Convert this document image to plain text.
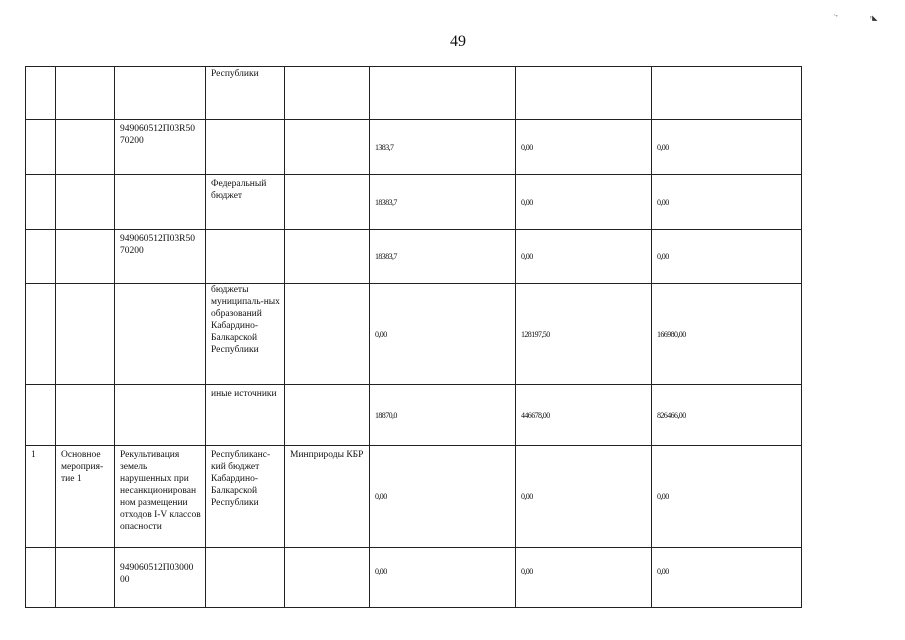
49
‵ʼ	ʸ◣
			Республики				
		949060512П03R50 70200			1383,7	0,00	0,00
			Федеральный бюджет		18383,7	0,00	0,00
		949060512П03R50 70200			18383,7	0,00	0,00
			бюджеты муниципаль-ных образований Кабардино-Балкарской Республики		0,00	128197,50	166980,00
			иные источники		18870,0	446678,00	826466,00
1	Основное мероприя-тие 1	Рекультивация земель нарушенных при несанкционирован ном размещении отходов I-V классов опасности	Республиканс-кий бюджет Кабардино-Балкарской Республики	Минприроды КБР	0,00	0,00	0,00
		949060512П03000 00			0,00	0,00	0,00
